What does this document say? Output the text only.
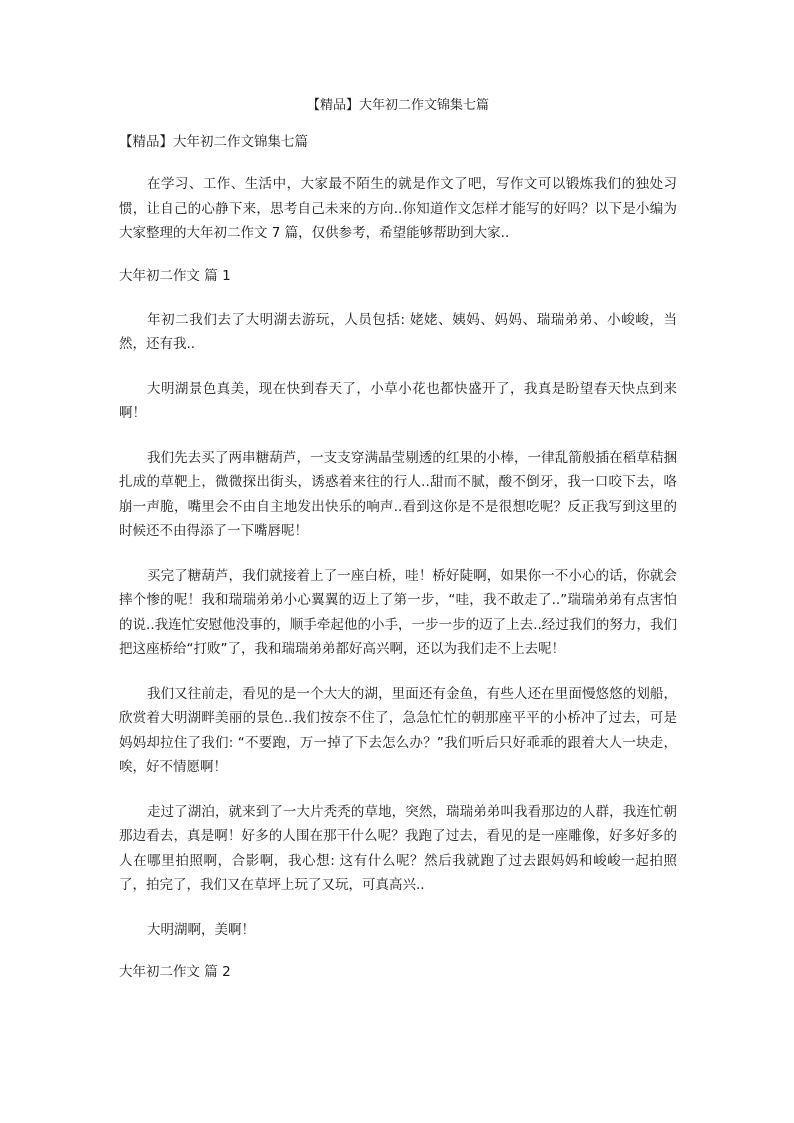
【精品】大年初二作文锦集七篇
【精品】大年初二作文锦集七篇

在学习、工作、生活中，大家最不陌生的就是作文了吧，写作文可以锻炼我们的独处习惯，让自己的心静下来，思考自己未来的方向..你知道作文怎样才能写的好吗？以下是小编为大家整理的大年初二作文 7 篇，仅供参考，希望能够帮助到大家..

大年初二作文 篇 1

年初二我们去了大明湖去游玩，人员包括: 姥姥、姨妈、妈妈、瑞瑞弟弟、小峻峻，当然，还有我..

大明湖景色真美，现在快到春天了，小草小花也都快盛开了，我真是盼望春天快点到来啊！

我们先去买了两串糖葫芦，一支支穿满晶莹剔透的红果的小棒，一律乱箭般插在稻草秸捆扎成的草靶上，微微探出街头，诱惑着来往的行人..甜而不腻，酸不倒牙，我一口咬下去，咯崩一声脆，嘴里会不由自主地发出快乐的响声..看到这你是不是很想吃呢？反正我写到这里的时候还不由得添了一下嘴唇呢！

买完了糖葫芦，我们就接着上了一座白桥，哇！桥好陡啊，如果你一不小心的话，你就会摔个惨的呢！我和瑞瑞弟弟小心翼翼的迈上了第一步，“哇，我不敢走了..”瑞瑞弟弟有点害怕的说..我连忙安慰他没事的，顺手牵起他的小手，一步一步的迈了上去..经过我们的努力，我们把这座桥给“打败”了，我和瑞瑞弟弟都好高兴啊，还以为我们走不上去呢！

我们又往前走，看见的是一个大大的湖，里面还有金鱼，有些人还在里面慢悠悠的划船，欣赏着大明湖畔美丽的景色..我们按奈不住了，急急忙忙的朝那座平平的小桥冲了过去，可是妈妈却拉住了我们: “不要跑，万一掉了下去怎么办？”我们听后只好乖乖的跟着大人一块走，唉，好不情愿啊！

走过了湖泊，就来到了一大片秃秃的草地，突然，瑞瑞弟弟叫我看那边的人群，我连忙朝那边看去，真是啊！好多的人围在那干什么呢？我跑了过去，看见的是一座雕像，好多好多的人在哪里拍照啊，合影啊，我心想: 这有什么呢？然后我就跑了过去跟妈妈和峻峻一起拍照了，拍完了，我们又在草坪上玩了又玩，可真高兴..

大明湖啊，美啊！

大年初二作文 篇 2
